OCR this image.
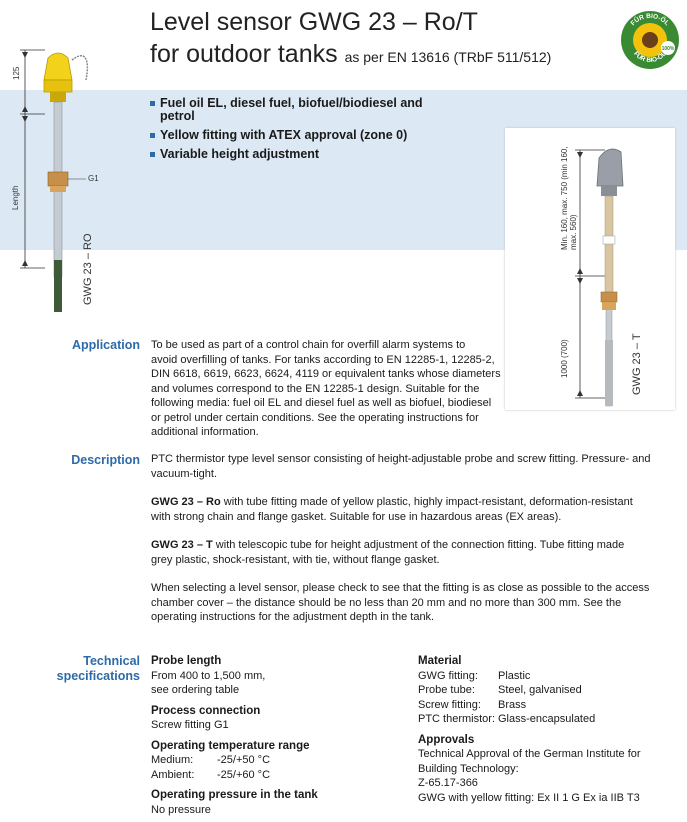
Level sensor GWG 23 – Ro/T
for outdoor tanks as per EN 13616 (TRbF 511/512)	100%
FÜR BIO-ÖL
FÜR BIO-ÖL
Fuel oil EL, diesel fuel, biofuel/biodiesel and petrol
Yellow fitting with ATEX approval (zone 0)
Variable height adjustment
125
Length
G1
GWG 23 – RO
Min. 160, max. 750 (min 160, max. 560)
1000 (700)	GWG 23 – T
Application To be used as part of a control chain for overfill alarm systems to
avoid overfilling of tanks. For tanks according to EN 12285-1, 12285-2,
DIN 6618, 6619, 6623, 6624, 4119 or equivalent tanks whose diameters
and volumes correspond to the EN 12285-1 design. Suitable for the
following media: fuel oil EL and diesel fuel as well as biofuel, biodiesel
or petrol under certain conditions. See the operating instructions for
additional information.
Description PTC thermistor type level sensor consisting of height-adjustable probe and screw fitting. Pressure- and
vacuum-tight.
GWG 23 – Ro with tube fitting made of yellow plastic, highly impact-resistant, deformation-resistant
with strong chain and flange gasket. Suitable for use in hazardous areas (EX areas).
GWG 23 – T with telescopic tube for height adjustment of the connection fitting. Tube fitting made
grey plastic, shock-resistant, with tie, without flange gasket.
When selecting a level sensor, please check to see that the fitting is as close as possible to the access
chamber cover – the distance should be no less than 20 mm and no more than 300 mm. See the
operating instructions for the adjustment depth in the tank.
Technical
specifications
Probe length
From 400 to 1,500 mm,
see ordering table
Process connection
Screw fitting G1
Operating temperature range
Medium:	-25/+50 °C
Ambient:	-25/+60 °C
Operating pressure in the tank
No pressure
Material
GWG fitting:	Plastic
Probe tube:	Steel, galvanised
Screw fitting:	Brass
PTC thermistor:	Glass-encapsulated
Approvals
Technical Approval of the German Institute for
Building Technology:
Z-65.17-366
GWG with yellow fitting: Ex II 1 G Ex ia IIB T3
